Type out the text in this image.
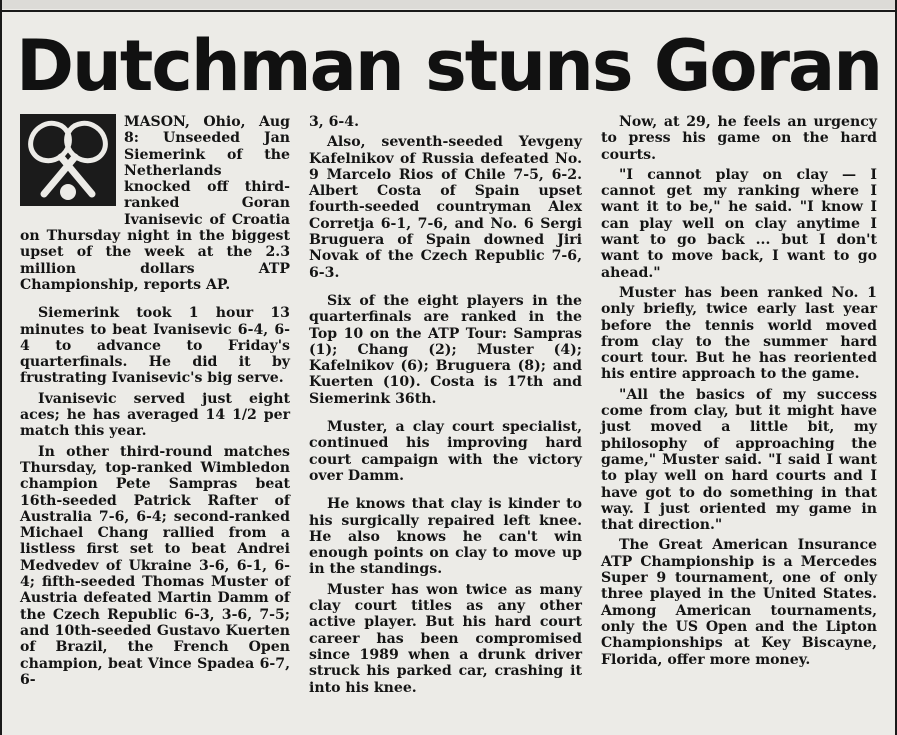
Dutchman stuns Goran

MASON, Ohio, Aug 8: Unseeded Jan Siemerink of the Netherlands knocked off third-ranked Goran Ivanisevic of Croatia on Thursday night in the biggest upset of the week at the 2.3 million dollars ATP Championship, reports AP.

Siemerink took 1 hour 13 minutes to beat Ivanisevic 6-4, 6-4 to advance to Friday's quarterfinals. He did it by frustrating Ivanisevic's big serve.

Ivanisevic served just eight aces; he has averaged 14 1/2 per match this year.

In other third-round matches Thursday, top-ranked Wimbledon champion Pete Sampras beat 16th-seeded Patrick Rafter of Australia 7-6, 6-4; second-ranked Michael Chang rallied from a listless first set to beat Andrei Medvedev of Ukraine 3-6, 6-1, 6-4; fifth-seeded Thomas Muster of Austria defeated Martin Damm of the Czech Republic 6-3, 3-6, 7-5; and 10th-seeded Gustavo Kuerten of Brazil, the French Open champion, beat Vince Spadea 6-7, 6-

3, 6-4.

Also, seventh-seeded Yevgeny Kafelnikov of Russia defeated No. 9 Marcelo Rios of Chile 7-5, 6-2. Albert Costa of Spain upset fourth-seeded countryman Alex Corretja 6-1, 7-6, and No. 6 Sergi Bruguera of Spain downed Jiri Novak of the Czech Republic 7-6, 6-3.

Six of the eight players in the quarterfinals are ranked in the Top 10 on the ATP Tour: Sampras (1); Chang (2); Muster (4); Kafelnikov (6); Bruguera (8); and Kuerten (10). Costa is 17th and Siemerink 36th.

Muster, a clay court specialist, continued his improving hard court campaign with the victory over Damm.

He knows that clay is kinder to his surgically repaired left knee. He also knows he can't win enough points on clay to move up in the standings.

Muster has won twice as many clay court titles as any other active player. But his hard court career has been compromised since 1989 when a drunk driver struck his parked car, crashing it into his knee.

Now, at 29, he feels an urgency to press his game on the hard courts.

"I cannot play on clay — I cannot get my ranking where I want it to be," he said. "I know I can play well on clay anytime I want to go back ... but I don't want to move back, I want to go ahead."

Muster has been ranked No. 1 only briefly, twice early last year before the tennis world moved from clay to the summer hard court tour. But he has reoriented his entire approach to the game.

"All the basics of my success come from clay, but it might have just moved a little bit, my philosophy of approaching the game," Muster said. "I said I want to play well on hard courts and I have got to do something in that way. I just oriented my game in that direction."

The Great American Insurance ATP Championship is a Mercedes Super 9 tournament, one of only three played in the United States. Among American tournaments, only the US Open and the Lipton Championships at Key Biscayne, Florida, offer more money.
